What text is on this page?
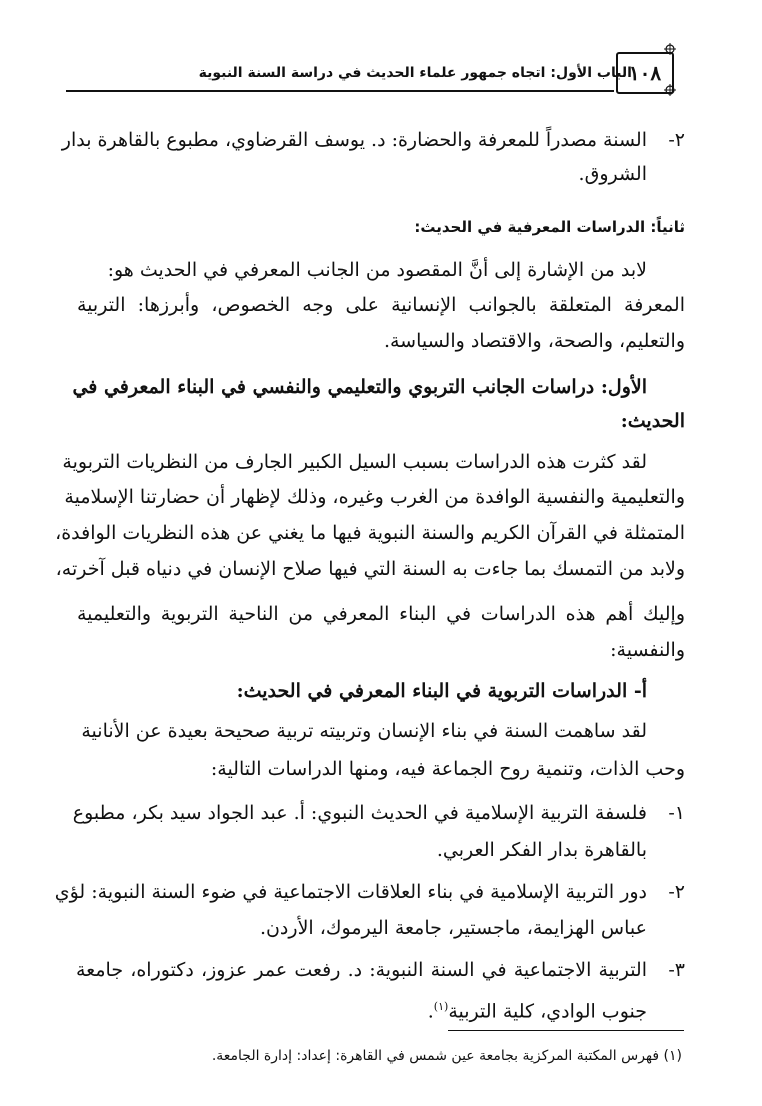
١٠٨
الباب الأول: اتجاه جمهور علماء الحديث في دراسة السنة النبوية
٢-
السنة مصدراً للمعرفة والحضارة: د. يوسف القرضاوي، مطبوع بالقاهرة بدار
الشروق.
ثانياً: الدراسات المعرفية في الحديث:
لابد من الإشارة إلى أنَّ المقصود من الجانب المعرفي في الحديث هو:
المعرفة المتعلقة بالجوانب الإنسانية على وجه الخصوص، وأبرزها: التربية
والتعليم، والصحة، والاقتصاد والسياسة.
الأول: دراسات الجانب التربوي والتعليمي والنفسي في البناء المعرفي في
الحديث:
لقد كثرت هذه الدراسات بسبب السيل الكبير الجارف من النظريات التربوية
والتعليمية والنفسية الوافدة من الغرب وغيره، وذلك لإظهار أن حضارتنا الإسلامية
المتمثلة في القرآن الكريم والسنة النبوية فيها ما يغني عن هذه النظريات الوافدة،
ولابد من التمسك بما جاءت به السنة التي فيها صلاح الإنسان في دنياه قبل آخرته،
وإليك أهم هذه الدراسات في البناء المعرفي من الناحية التربوية والتعليمية
والنفسية:
أ- الدراسات التربوية في البناء المعرفي في الحديث:
لقد ساهمت السنة في بناء الإنسان وتربيته تربية صحيحة بعيدة عن الأنانية
وحب الذات، وتنمية روح الجماعة فيه، ومنها الدراسات التالية:
١-
فلسفة التربية الإسلامية في الحديث النبوي: أ. عبد الجواد سيد بكر، مطبوع
بالقاهرة بدار الفكر العربي.
٢-
دور التربية الإسلامية في بناء العلاقات الاجتماعية في ضوء السنة النبوية: لؤي
عباس الهزايمة، ماجستير، جامعة اليرموك، الأردن.
٣-
التربية الاجتماعية في السنة النبوية: د. رفعت عمر عزوز، دكتوراه، جامعة
جنوب الوادي، كلية التربية$^{(١)}$.
(١) فهرس المكتبة المركزية بجامعة عين شمس في القاهرة: إعداد: إدارة الجامعة.
